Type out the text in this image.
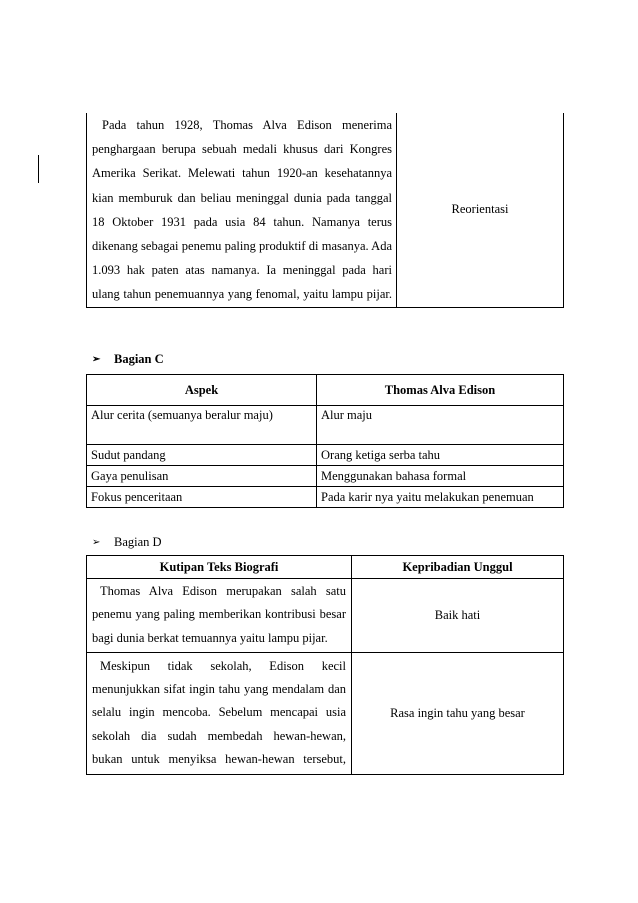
Pada tahun 1928, Thomas Alva Edison menerima
penghargaan berupa sebuah medali khusus dari Kongres
Amerika Serikat. Melewati tahun 1920-an kesehatannya
kian memburuk dan beliau meninggal dunia pada tanggal
18 Oktober 1931 pada usia 84 tahun. Namanya terus
dikenang sebagai penemu paling produktif di masanya. Ada
1.093 hak paten atas namanya. Ia meninggal pada hari
ulang tahun penemuannya yang fenomal, yaitu lampu pijar.
	Reorientasi
➢ Bagian C
Aspek	Thomas Alva Edison
Alur cerita (semuanya beralur maju)	Alur maju
Sudut pandang	Orang ketiga serba tahu
Gaya penulisan	Menggunakan bahasa formal
Fokus penceritaan	Pada karir nya yaitu melakukan penemuan
➢ Bagian D
Kutipan Teks Biografi	Kepribadian Unggul

Thomas Alva Edison merupakan salah satu
penemu yang paling memberikan kontribusi besar
bagi dunia berkat temuannya yaitu lampu pijar.	Baik hati

Meskipun tidak sekolah, Edison kecil
menunjukkan sifat ingin tahu yang mendalam dan
selalu ingin mencoba. Sebelum mencapai usia
sekolah dia sudah membedah hewan-hewan,
bukan untuk menyiksa hewan-hewan tersebut,	Rasa ingin tahu yang besar
